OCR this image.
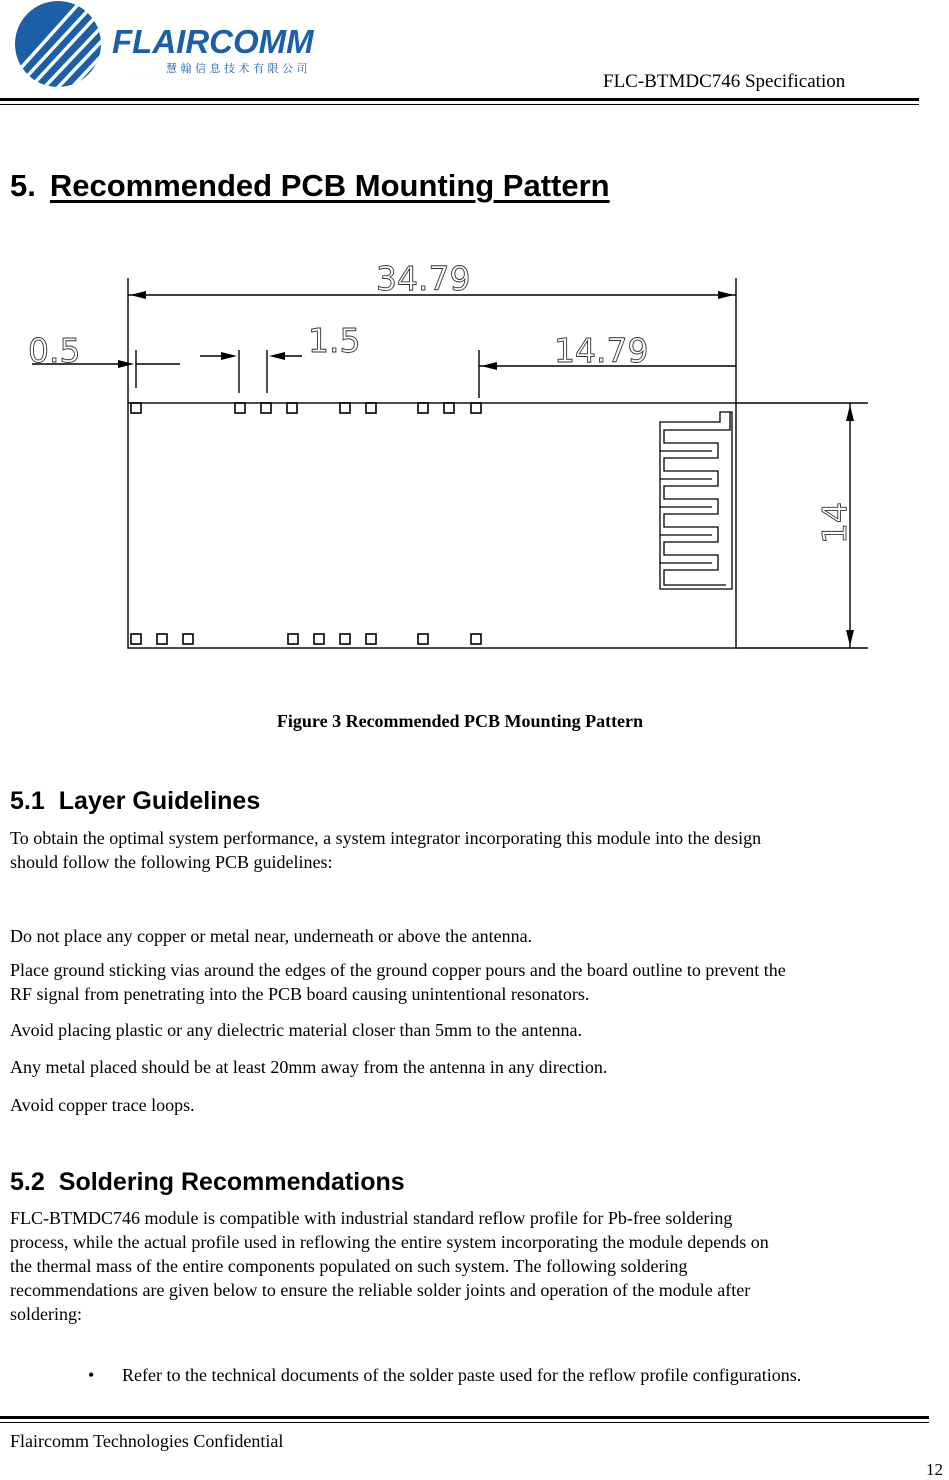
FLAIRCOMM
慧 翰 信 息 技 术 有 限 公 司
FLC-BTMDC746 Specification
5. Recommended PCB Mounting Pattern
34.79
0.5	1.5	14.79
14
Figure 3 Recommended PCB Mounting Pattern
5.1 Layer Guidelines
To obtain the optimal system performance, a system integrator incorporating this module into the design
should follow the following PCB guidelines:
Do not place any copper or metal near, underneath or above the antenna.
Place ground sticking vias around the edges of the ground copper pours and the board outline to prevent the
RF signal from penetrating into the PCB board causing unintentional resonators.
Avoid placing plastic or any dielectric material closer than 5mm to the antenna.
Any metal placed should be at least 20mm away from the antenna in any direction.
Avoid copper trace loops.
5.2 Soldering Recommendations
FLC-BTMDC746 module is compatible with industrial standard reflow profile for Pb-free soldering
process, while the actual profile used in reflowing the entire system incorporating the module depends on
the thermal mass of the entire components populated on such system. The following soldering
recommendations are given below to ensure the reliable solder joints and operation of the module after
soldering:
• Refer to the technical documents of the solder paste used for the reflow profile configurations.
Flaircomm Technologies Confidential
12
